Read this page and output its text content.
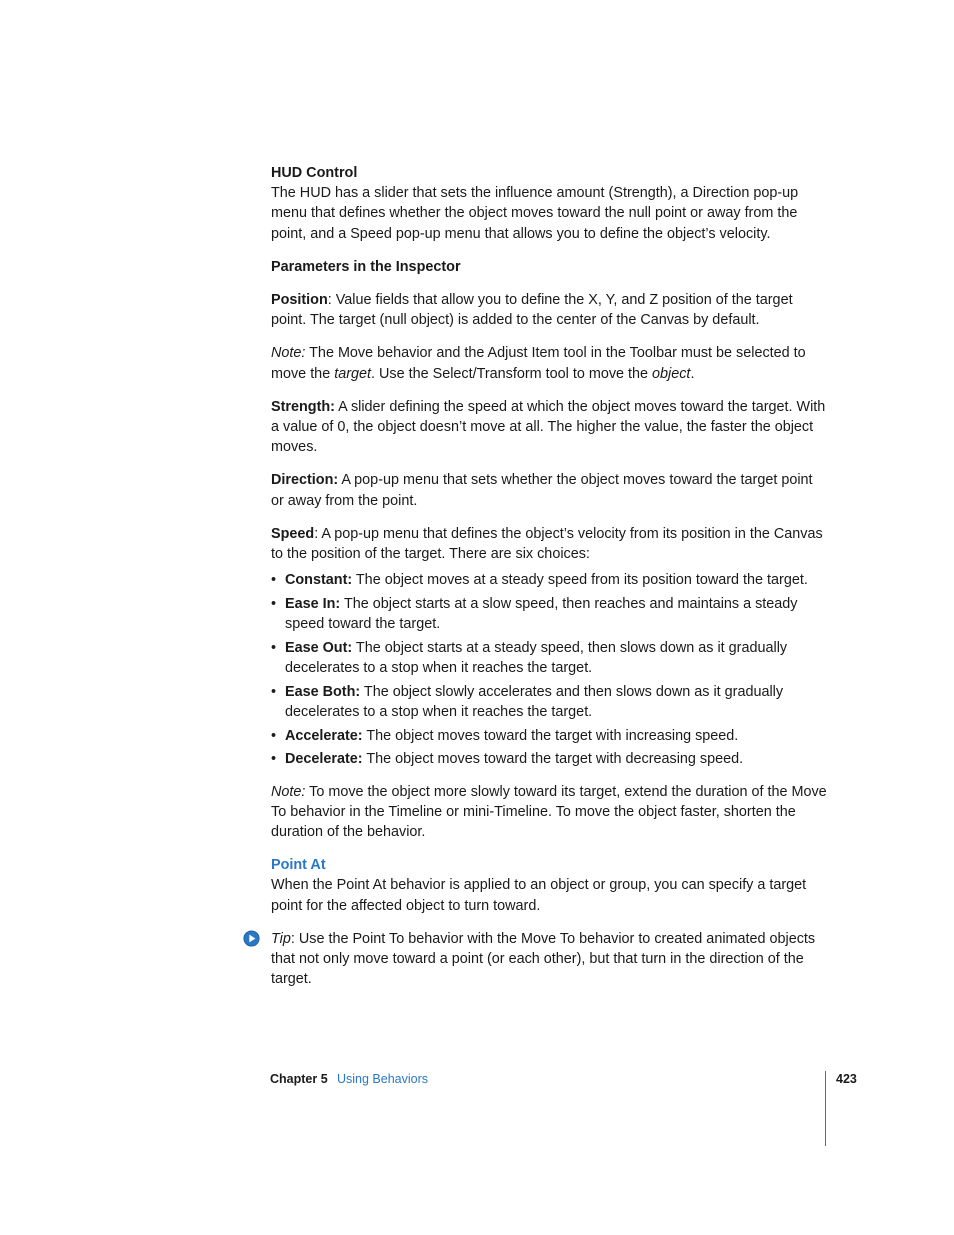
HUD Control

The HUD has a slider that sets the influence amount (Strength), a Direction pop-up menu that defines whether the object moves toward the null point or away from the point, and a Speed pop-up menu that allows you to define the object’s velocity.

Parameters in the Inspector

Position: Value fields that allow you to define the X, Y, and Z position of the target point. The target (null object) is added to the center of the Canvas by default.

Note: The Move behavior and the Adjust Item tool in the Toolbar must be selected to move the target. Use the Select/Transform tool to move the object.

Strength: A slider defining the speed at which the object moves toward the target. With a value of 0, the object doesn’t move at all. The higher the value, the faster the object moves.

Direction: A pop-up menu that sets whether the object moves toward the target point or away from the point.

Speed: A pop-up menu that defines the object’s velocity from its position in the Canvas to the position of the target. There are six choices:

• Constant: The object moves at a steady speed from its position toward the target.
• Ease In: The object starts at a slow speed, then reaches and maintains a steady speed toward the target.
• Ease Out: The object starts at a steady speed, then slows down as it gradually decelerates to a stop when it reaches the target.
• Ease Both: The object slowly accelerates and then slows down as it gradually decelerates to a stop when it reaches the target.
• Accelerate: The object moves toward the target with increasing speed.
• Decelerate: The object moves toward the target with decreasing speed.

Note: To move the object more slowly toward its target, extend the duration of the Move To behavior in the Timeline or mini-Timeline. To move the object faster, shorten the duration of the behavior.

Point At

When the Point At behavior is applied to an object or group, you can specify a target point for the affected object to turn toward.

Tip: Use the Point To behavior with the Move To behavior to created animated objects that not only move toward a point (or each other), but that turn in the direction of the target.

Chapter 5 Using Behaviors	423
